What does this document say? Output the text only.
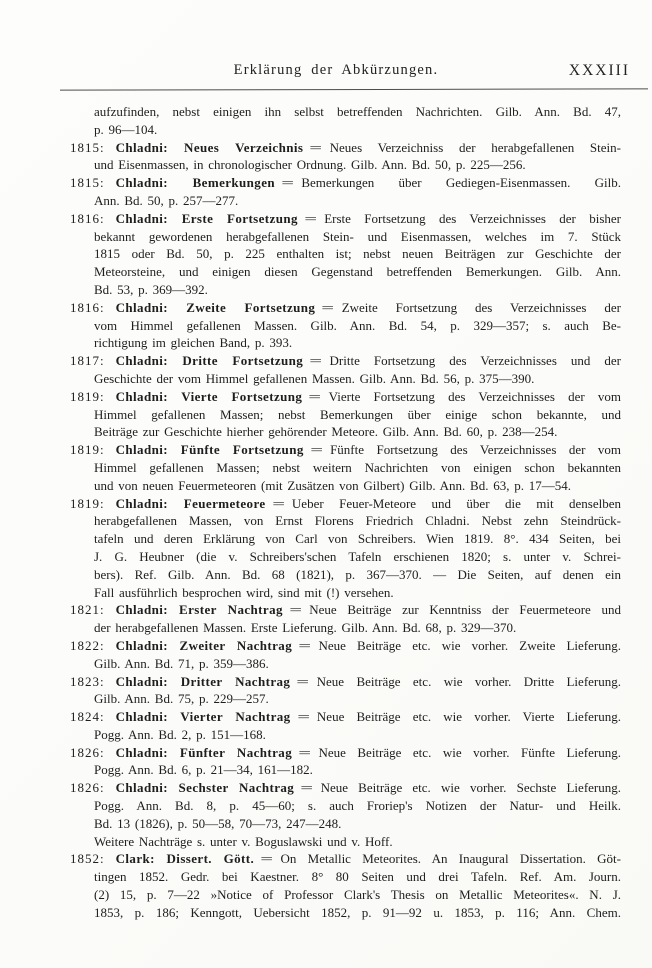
Erklärung der Abkürzungen.	XXXIII
aufzufinden, nebst einigen ihn selbst betreffenden Nachrichten. Gilb. Ann. Bd. 47,
p. 96—104.
1815: Chladni: Neues Verzeichnis = Neues Verzeichniss der herabgefallenen Stein-
und Eisenmassen, in chronologischer Ordnung. Gilb. Ann. Bd. 50, p. 225—256.
1815: Chladni: Bemerkungen = Bemerkungen über Gediegen-Eisenmassen. Gilb.
Ann. Bd. 50, p. 257—277.
1816: Chladni: Erste Fortsetzung = Erste Fortsetzung des Verzeichnisses der bisher
bekannt gewordenen herabgefallenen Stein- und Eisenmassen, welches im 7. Stück
1815 oder Bd. 50, p. 225 enthalten ist; nebst neuen Beiträgen zur Geschichte der
Meteorsteine, und einigen diesen Gegenstand betreffenden Bemerkungen. Gilb. Ann.
Bd. 53, p. 369—392.
1816: Chladni: Zweite Fortsetzung = Zweite Fortsetzung des Verzeichnisses der
vom Himmel gefallenen Massen. Gilb. Ann. Bd. 54, p. 329—357; s. auch Be-
richtigung im gleichen Band, p. 393.
1817: Chladni: Dritte Fortsetzung = Dritte Fortsetzung des Verzeichnisses und der
Geschichte der vom Himmel gefallenen Massen. Gilb. Ann. Bd. 56, p. 375—390.
1819: Chladni: Vierte Fortsetzung = Vierte Fortsetzung des Verzeichnisses der vom
Himmel gefallenen Massen; nebst Bemerkungen über einige schon bekannte, und
Beiträge zur Geschichte hierher gehörender Meteore. Gilb. Ann. Bd. 60, p. 238—254.
1819: Chladni: Fünfte Fortsetzung = Fünfte Fortsetzung des Verzeichnisses der vom
Himmel gefallenen Massen; nebst weitern Nachrichten von einigen schon bekannten
und von neuen Feuermeteoren (mit Zusätzen von Gilbert) Gilb. Ann. Bd. 63, p. 17—54.
1819: Chladni: Feuermeteore = Ueber Feuer-Meteore und über die mit denselben
herabgefallenen Massen, von Ernst Florens Friedrich Chladni. Nebst zehn Steindrück-
tafeln und deren Erklärung von Carl von Schreibers. Wien 1819. 8°. 434 Seiten, bei
J. G. Heubner (die v. Schreibers'schen Tafeln erschienen 1820; s. unter v. Schrei-
bers). Ref. Gilb. Ann. Bd. 68 (1821), p. 367—370. — Die Seiten, auf denen ein
Fall ausführlich besprochen wird, sind mit (!) versehen.
1821: Chladni: Erster Nachtrag = Neue Beiträge zur Kenntniss der Feuermeteore und
der herabgefallenen Massen. Erste Lieferung. Gilb. Ann. Bd. 68, p. 329—370.
1822: Chladni: Zweiter Nachtrag = Neue Beiträge etc. wie vorher. Zweite Lieferung.
Gilb. Ann. Bd. 71, p. 359—386.
1823: Chladni: Dritter Nachtrag = Neue Beiträge etc. wie vorher. Dritte Lieferung.
Gilb. Ann. Bd. 75, p. 229—257.
1824: Chladni: Vierter Nachtrag = Neue Beiträge etc. wie vorher. Vierte Lieferung.
Pogg. Ann. Bd. 2, p. 151—168.
1826: Chladni: Fünfter Nachtrag = Neue Beiträge etc. wie vorher. Fünfte Lieferung.
Pogg. Ann. Bd. 6, p. 21—34, 161—182.
1826: Chladni: Sechster Nachtrag = Neue Beiträge etc. wie vorher. Sechste Lieferung.
Pogg. Ann. Bd. 8, p. 45—60; s. auch Froriep's Notizen der Natur- und Heilk.
Bd. 13 (1826), p. 50—58, 70—73, 247—248.
Weitere Nachträge s. unter v. Boguslawski und v. Hoff.
1852: Clark: Dissert. Gött. = On Metallic Meteorites. An Inaugural Dissertation. Göt-
tingen 1852. Gedr. bei Kaestner. 8° 80 Seiten und drei Tafeln. Ref. Am. Journ.
(2) 15, p. 7—22 »Notice of Professor Clark's Thesis on Metallic Meteorites«. N. J.
1853, p. 186; Kenngott, Uebersicht 1852, p. 91—92 u. 1853, p. 116; Ann. Chem.
